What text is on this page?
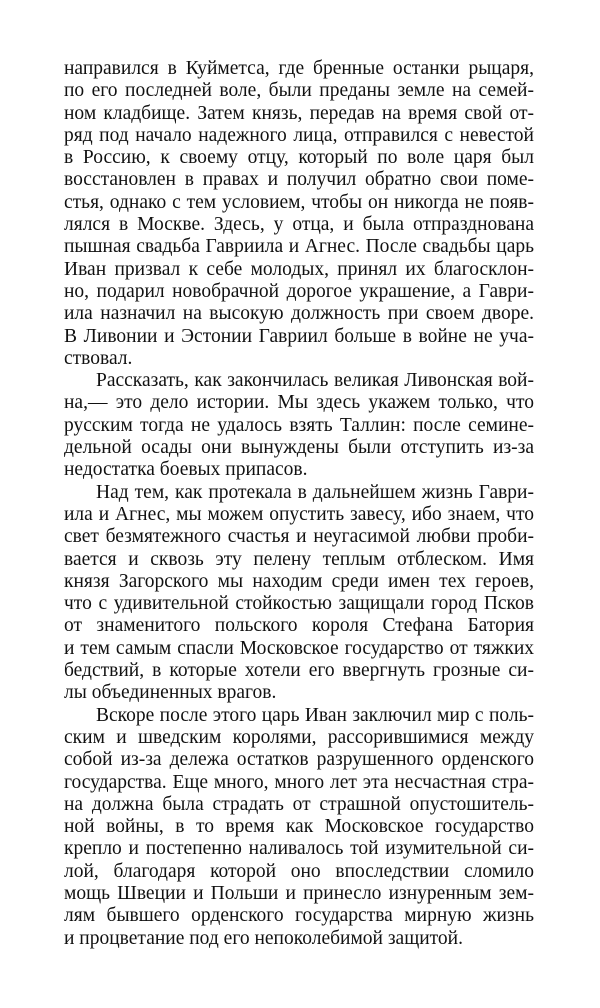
направился в Куйметса, где бренные останки рыцаря,
по его последней воле, были преданы земле на семей-
ном кладбище. Затем князь, передав на время свой от-
ряд под начало надежного лица, отправился с невестой
в Россию, к своему отцу, который по воле царя был
восстановлен в правах и получил обратно свои поме-
стья, однако с тем условием, чтобы он никогда не появ-
лялся в Москве. Здесь, у отца, и была отпразднована
пышная свадьба Гавриила и Агнес. После свадьбы царь
Иван призвал к себе молодых, принял их благосклон-
но, подарил новобрачной дорогое украшение, а Гаври-
ила назначил на высокую должность при своем дворе.
В Ливонии и Эстонии Гавриил больше в войне не уча-
ствовал.
Рассказать, как закончилась великая Ливонская вой-
на,— это дело истории. Мы здесь укажем только, что
русским тогда не удалось взять Таллин: после семине-
дельной осады они вынуждены были отступить из-за
недостатка боевых припасов.
Над тем, как протекала в дальнейшем жизнь Гаври-
ила и Агнес, мы можем опустить завесу, ибо знаем, что
свет безмятежного счастья и неугасимой любви проби-
вается и сквозь эту пелену теплым отблеском. Имя
князя Загорского мы находим среди имен тех героев,
что с удивительной стойкостью защищали город Псков
от знаменитого польского короля Стефана Батория
и тем самым спасли Московское государство от тяжких
бедствий, в которые хотели его ввергнуть грозные си-
лы объединенных врагов.
Вскоре после этого царь Иван заключил мир с поль-
ским и шведским королями, рассорившимися между
собой из-за дележа остатков разрушенного орденского
государства. Еще много, много лет эта несчастная стра-
на должна была страдать от страшной опустошитель-
ной войны, в то время как Московское государство
крепло и постепенно наливалось той изумительной си-
лой, благодаря которой оно впоследствии сломило
мощь Швеции и Польши и принесло изнуренным зем-
лям бывшего орденского государства мирную жизнь
и процветание под его непоколебимой защитой.
